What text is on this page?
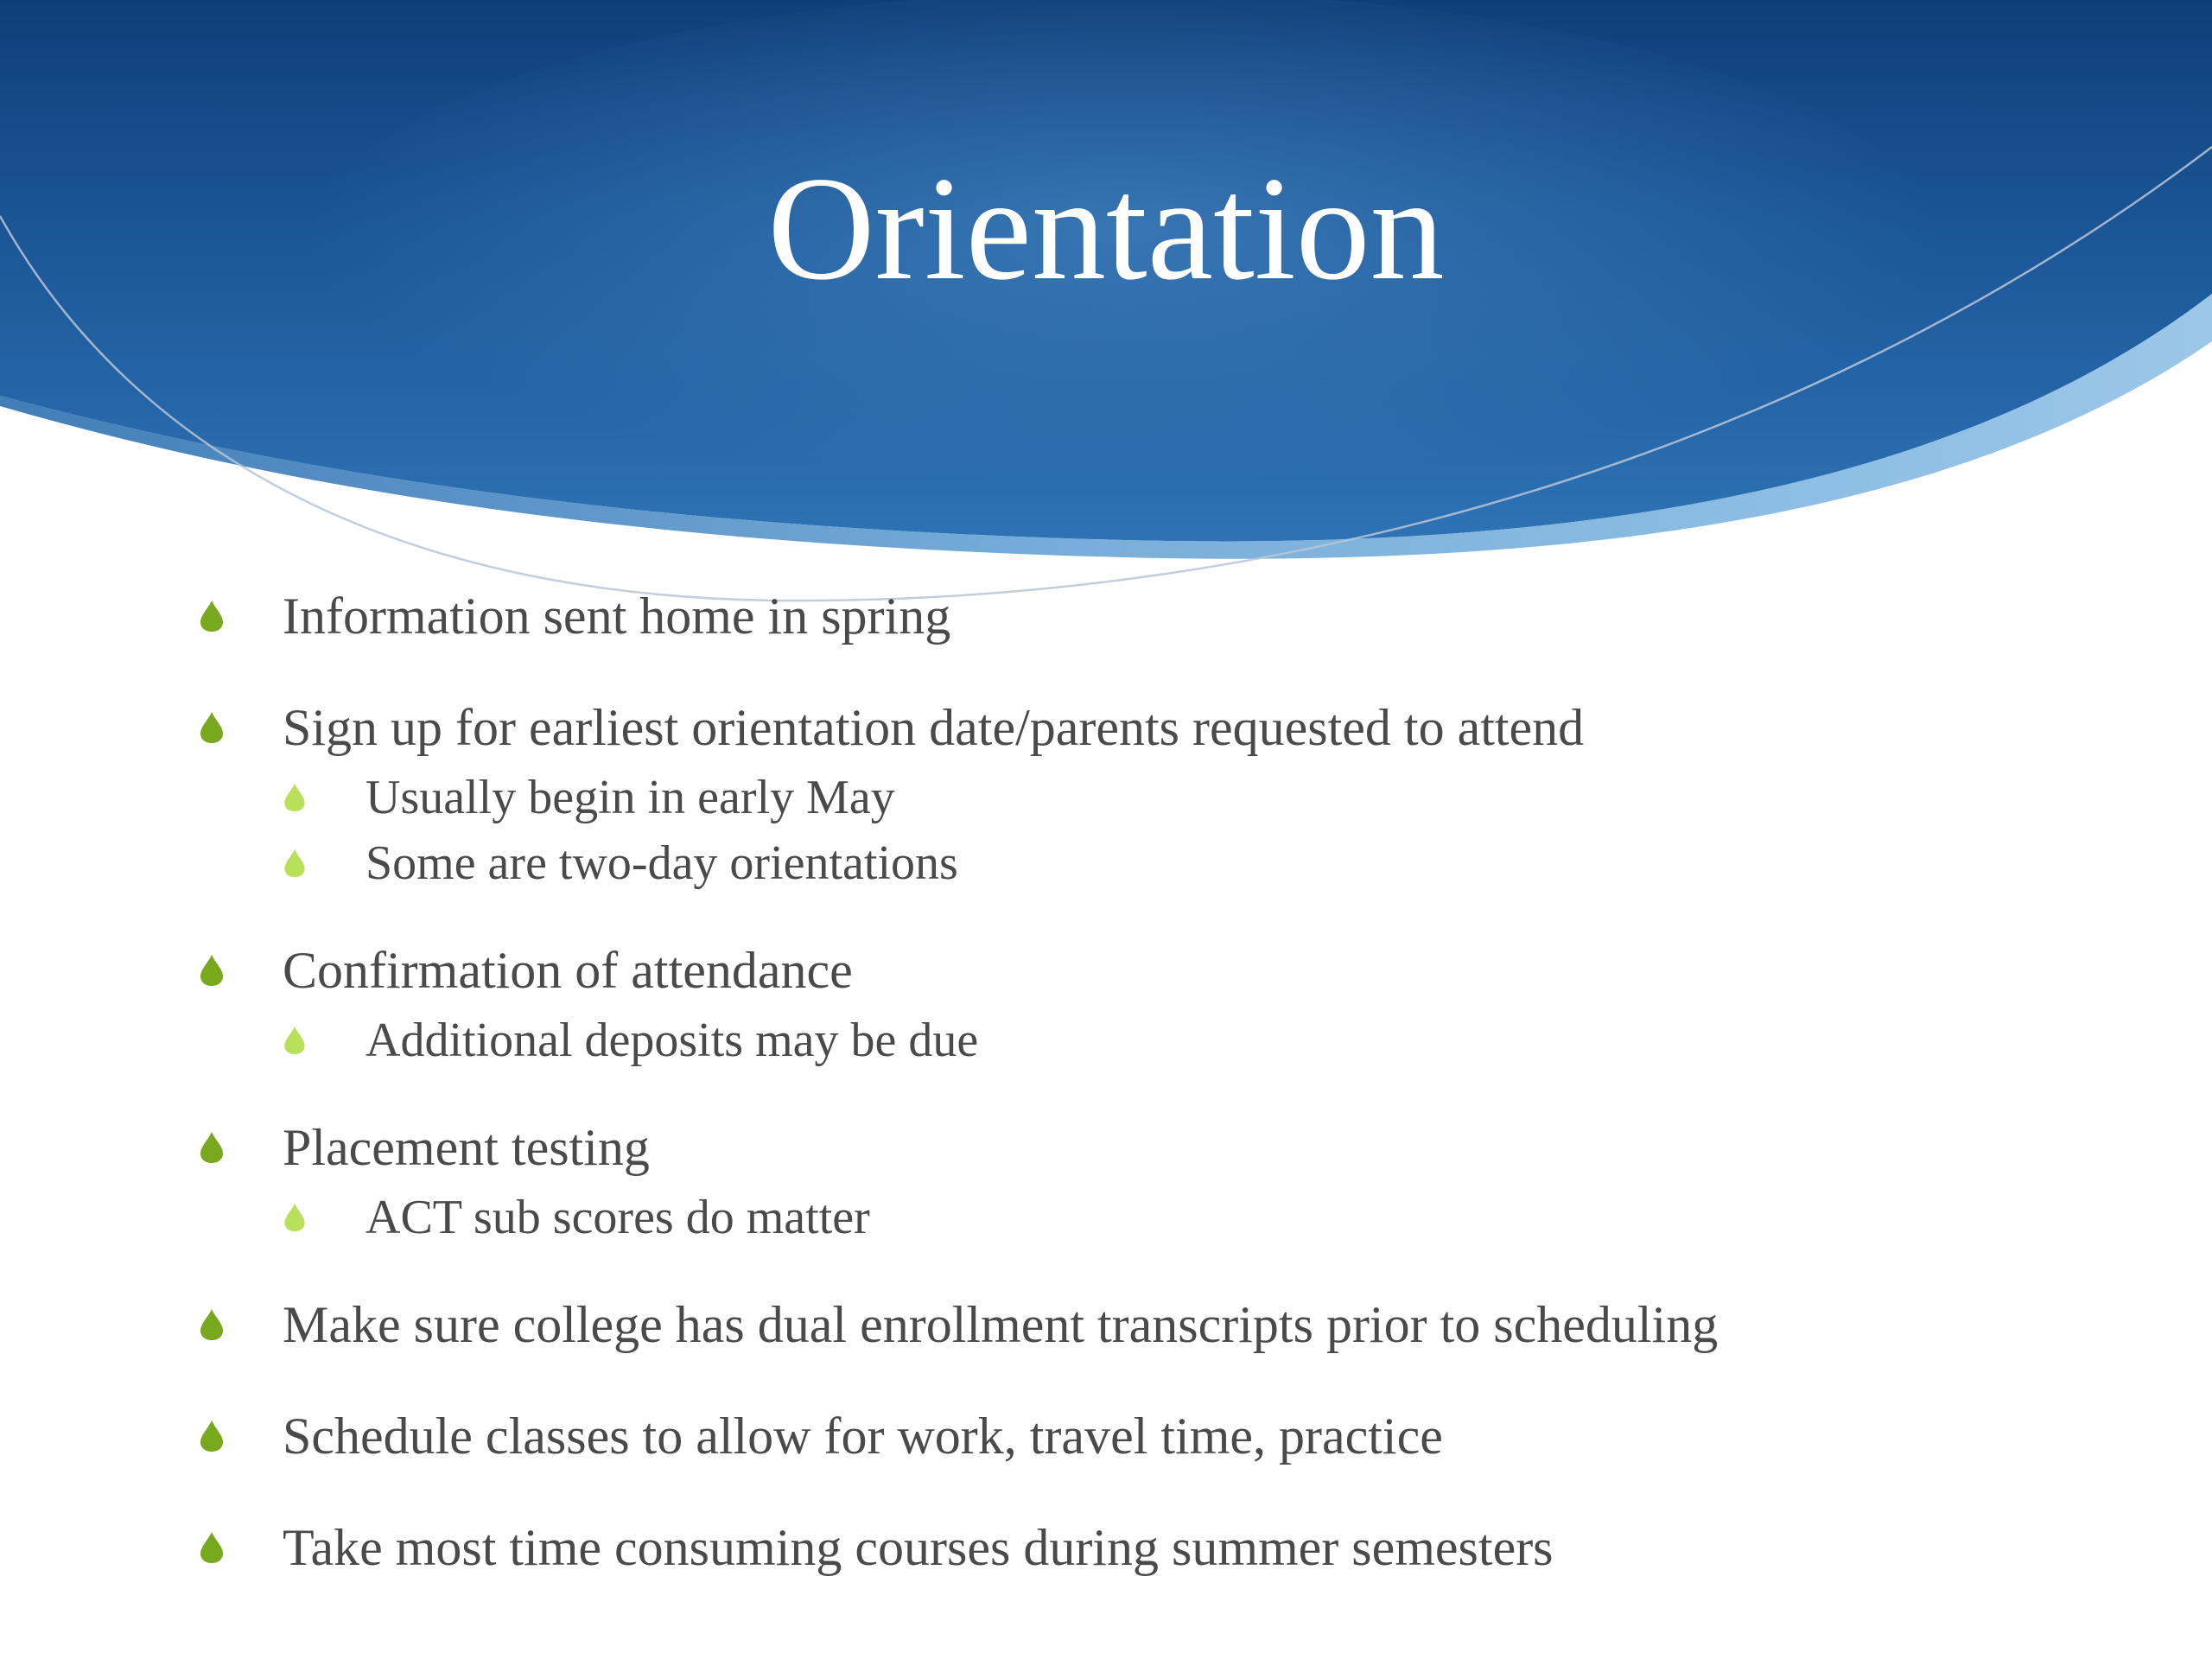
Orientation
Information sent home in spring
Sign up for earliest orientation date/parents requested to attend
Usually begin in early May
Some are two-day orientations
Confirmation of attendance
Additional deposits may be due
Placement testing
ACT sub scores do matter
Make sure college has dual enrollment transcripts prior to scheduling
Schedule classes to allow for work, travel time, practice
Take most time consuming courses during summer semesters
